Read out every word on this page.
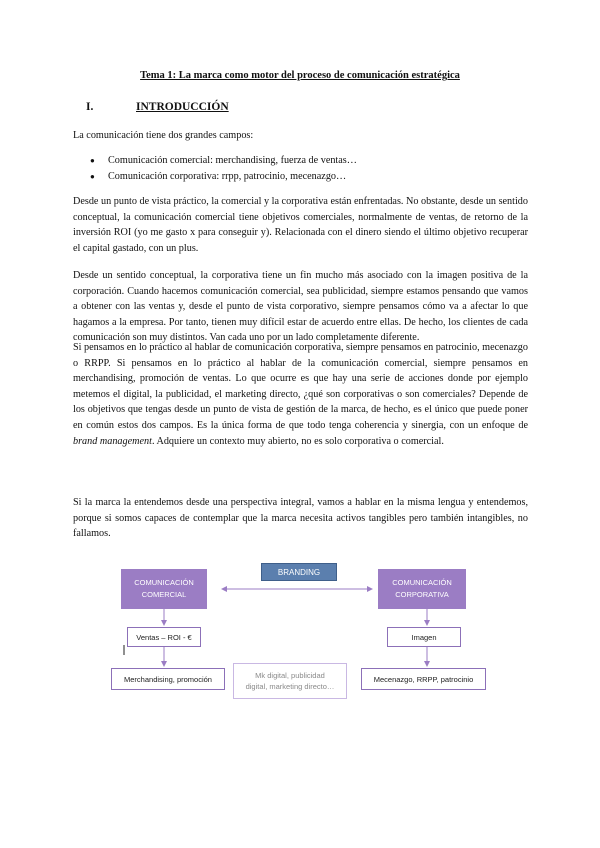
Tema 1: La marca como motor del proceso de comunicación estratégica
I.	INTRODUCCIÓN

La comunicación tiene dos grandes campos:

●	Comunicación comercial: merchandising, fuerza de ventas…
●	Comunicación corporativa: rrpp, patrocinio, mecenazgo…

Desde un punto de vista práctico, la comercial y la corporativa están enfrentadas. No obstante, desde un sentido conceptual, la comunicación comercial tiene objetivos comerciales, normalmente de ventas, de retorno de la inversión ROI (yo me gasto x para conseguir y). Relacionada con el dinero siendo el último objetivo recuperar el capital gastado, con un plus.

Desde un sentido conceptual, la corporativa tiene un fin mucho más asociado con la imagen positiva de la corporación. Cuando hacemos comunicación comercial, sea publicidad, siempre estamos pensando que vamos a obtener con las ventas y, desde el punto de vista corporativo, siempre pensamos cómo va a afectar lo que hagamos a la empresa. Por tanto, tienen muy difícil estar de acuerdo entre ellas. De hecho, los clientes de cada comunicación son muy distintos. Van cada uno por un lado completamente diferente.

Si pensamos en lo práctico al hablar de comunicación corporativa, siempre pensamos en patrocinio, mecenazgo o RRPP. Si pensamos en lo práctico al hablar de la comunicación comercial, siempre pensamos en merchandising, promoción de ventas. Lo que ocurre es que hay una serie de acciones donde por ejemplo metemos el digital, la publicidad, el marketing directo, ¿qué son corporativas o son comerciales? Depende de los objetivos que tengas desde un punto de vista de gestión de la marca, de hecho, es el único que puede poner en común estos dos campos. Es la única forma de que todo tenga coherencia y sinergia, con un enfoque de brand management. Adquiere un contexto muy abierto, no es solo corporativa o comercial.

Si la marca la entendemos desde una perspectiva integral, vamos a hablar en la misma lengua y entendemos, porque si somos capaces de contemplar que la marca necesita activos tangibles pero también intangibles, no fallamos.

BRANDING
COMUNICACIÓN
COMERCIAL
COMUNICACIÓN
CORPORATIVA
Ventas – ROI - €	Imagen
Merchandising, promoción	Mk digital, publicidad
digital, marketing directo…
Mecenazgo, RRPP, patrocinio
